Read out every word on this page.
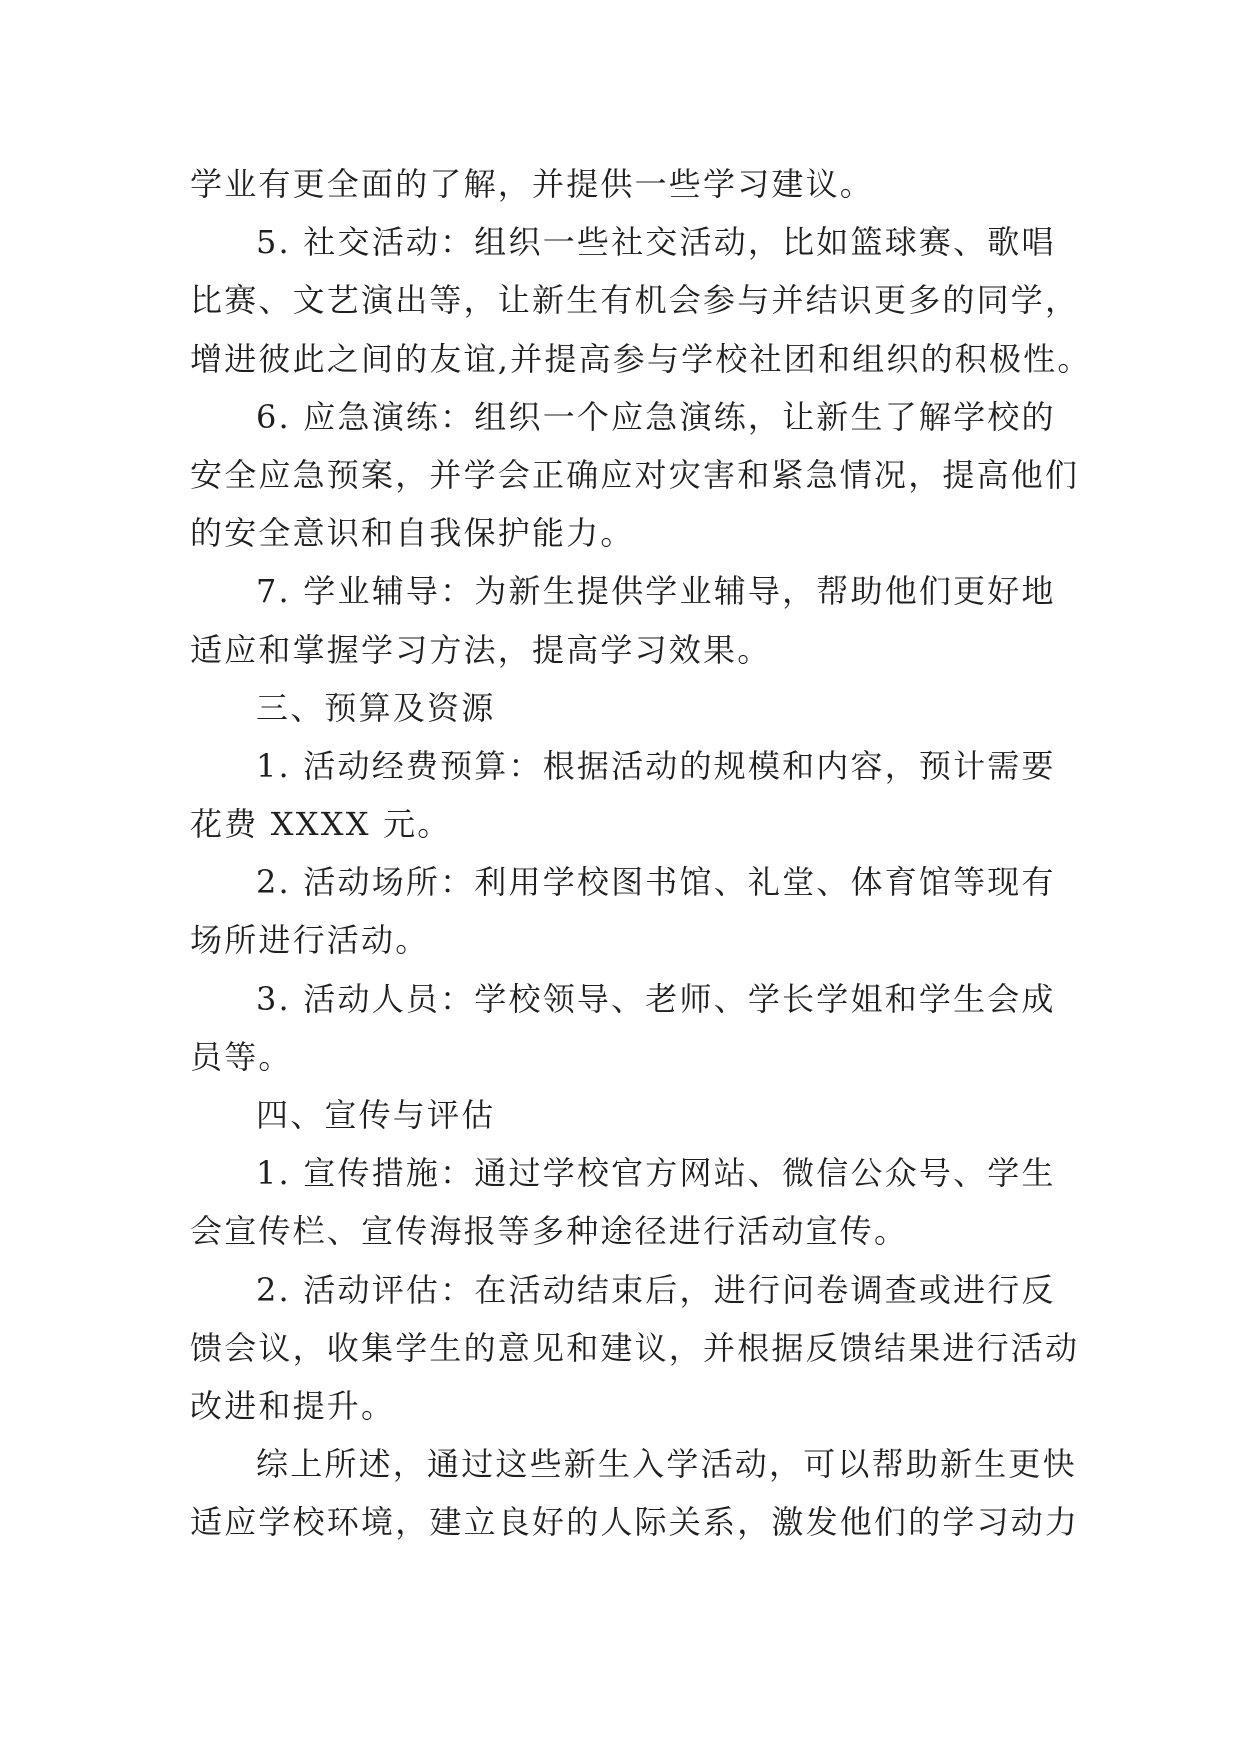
学业有更全面的了解，并提供一些学习建议。
5. 社交活动：组织一些社交活动，比如篮球赛、歌唱
比赛、文艺演出等，让新生有机会参与并结识更多的同学，
增进彼此之间的友谊,并提高参与学校社团和组织的积极性。
6. 应急演练：组织一个应急演练，让新生了解学校的
安全应急预案，并学会正确应对灾害和紧急情况，提高他们
的安全意识和自我保护能力。
7. 学业辅导：为新生提供学业辅导，帮助他们更好地
适应和掌握学习方法，提高学习效果。
三、预算及资源
1. 活动经费预算：根据活动的规模和内容，预计需要
花费 XXXX 元。
2. 活动场所：利用学校图书馆、礼堂、体育馆等现有
场所进行活动。
3. 活动人员：学校领导、老师、学长学姐和学生会成
员等。
四、宣传与评估
1. 宣传措施：通过学校官方网站、微信公众号、学生
会宣传栏、宣传海报等多种途径进行活动宣传。
2. 活动评估：在活动结束后，进行问卷调查或进行反
馈会议，收集学生的意见和建议，并根据反馈结果进行活动
改进和提升。
综上所述，通过这些新生入学活动，可以帮助新生更快
适应学校环境，建立良好的人际关系，激发他们的学习动力
